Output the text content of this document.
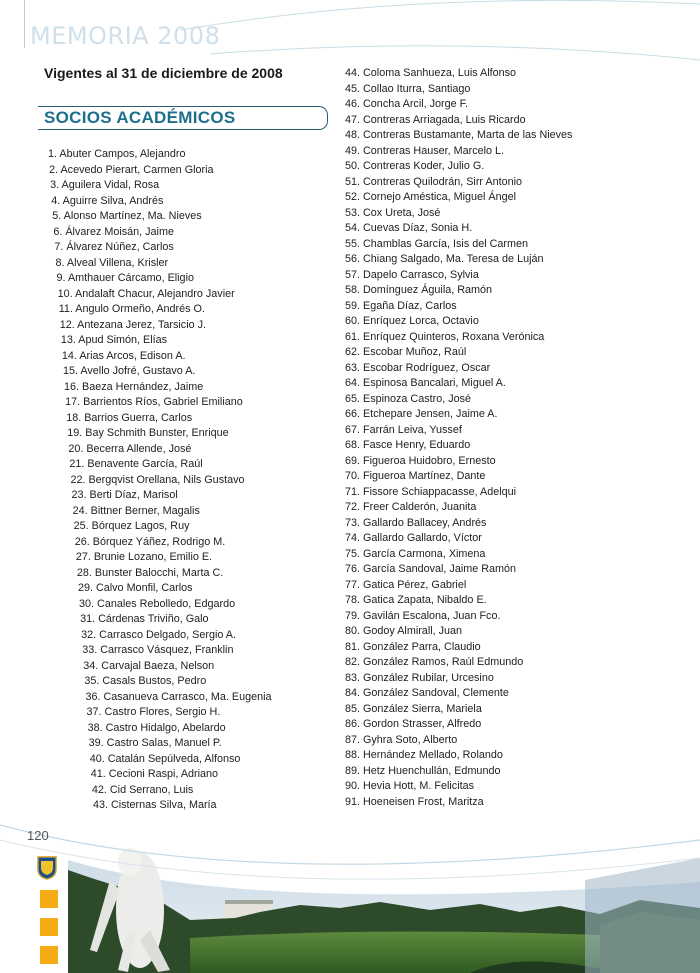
MEMORIA 2008
Vigentes al 31 de diciembre de 2008
SOCIOS ACADÉMICOS
1. Abuter Campos, Alejandro
2. Acevedo Pierart, Carmen Gloria
3. Aguilera Vidal, Rosa
4. Aguirre Silva, Andrés
5. Alonso Martínez, Ma. Nieves
6. Álvarez Moisán, Jaime
7. Álvarez Núñez, Carlos
8. Alveal Villena, Krisler
9. Amthauer Cárcamo, Eligio
10. Andalaft Chacur, Alejandro Javier
11. Angulo Ormeño, Andrés O.
12. Antezana Jerez, Tarsicio J.
13. Apud Simón, Elías
14. Arias Arcos, Edison A.
15. Avello Jofré, Gustavo A.
16. Baeza Hernández, Jaime
17. Barrientos Ríos, Gabriel Emiliano
18. Barrios Guerra, Carlos
19. Bay Schmith Bunster, Enrique
20. Becerra Allende, José
21. Benavente García, Raúl
22. Bergqvist Orellana, Nils Gustavo
23. Berti Díaz, Marisol
24. Bittner Berner, Magalis
25. Bórquez Lagos, Ruy
26. Bórquez Yáñez, Rodrigo M.
27. Brunie Lozano, Emilio E.
28. Bunster Balocchi, Marta C.
29. Calvo Monfil, Carlos
30. Canales Rebolledo, Edgardo
31. Cárdenas Triviño, Galo
32. Carrasco Delgado, Sergio A.
33. Carrasco Vásquez, Franklin
34. Carvajal Baeza, Nelson
35. Casals Bustos, Pedro
36. Casanueva Carrasco, Ma. Eugenia
37. Castro Flores, Sergio H.
38. Castro Hidalgo, Abelardo
39. Castro Salas, Manuel P.
40. Catalán Sepúlveda, Alfonso
41. Cecioni Raspi, Adriano
42. Cid Serrano, Luis
43. Cisternas Silva, María
44. Coloma Sanhueza, Luis Alfonso
45. Collao Iturra, Santiago
46. Concha Arcil, Jorge F.
47. Contreras Arriagada, Luis Ricardo
48. Contreras Bustamante, Marta de las Nieves
49. Contreras Hauser, Marcelo L.
50. Contreras Koder, Julio G.
51. Contreras Quilodrán, Sirr Antonio
52. Cornejo Améstica, Miguel Ángel
53. Cox Ureta, José
54. Cuevas Díaz, Sonia H.
55. Chamblas García, Isis del Carmen
56. Chiang Salgado, Ma. Teresa de Luján
57. Dapelo Carrasco, Sylvia
58. Domínguez Águila, Ramón
59. Egaña Díaz, Carlos
60. Enríquez Lorca, Octavio
61. Enríquez Quinteros, Roxana Verónica
62. Escobar Muñoz, Raúl
63. Escobar Rodríguez, Oscar
64. Espinosa Bancalari, Miguel A.
65. Espinoza Castro, José
66. Etchepare Jensen, Jaime A.
67. Farrán Leiva, Yussef
68. Fasce Henry, Eduardo
69. Figueroa Huidobro, Ernesto
70. Figueroa Martínez, Dante
71. Fissore Schiappacasse, Adelqui
72. Freer Calderón, Juanita
73. Gallardo Ballacey, Andrés
74. Gallardo Gallardo, Víctor
75. García Carmona, Ximena
76. García Sandoval, Jaime Ramón
77. Gatica Pérez, Gabriel
78. Gatica Zapata, Nibaldo E.
79. Gavilán Escalona, Juan Fco.
80. Godoy Almirall, Juan
81. González Parra, Claudio
82. González Ramos, Raúl Edmundo
83. González Rubilar, Urcesino
84. González Sandoval, Clemente
85. González Sierra, Mariela
86. Gordon Strasser, Alfredo
87. Gyhra Soto, Alberto
88. Hernández Mellado, Rolando
89. Hetz Huenchullán, Edmundo
90. Hevia Hott, M. Felicitas
91. Hoeneisen Frost, Maritza
120
